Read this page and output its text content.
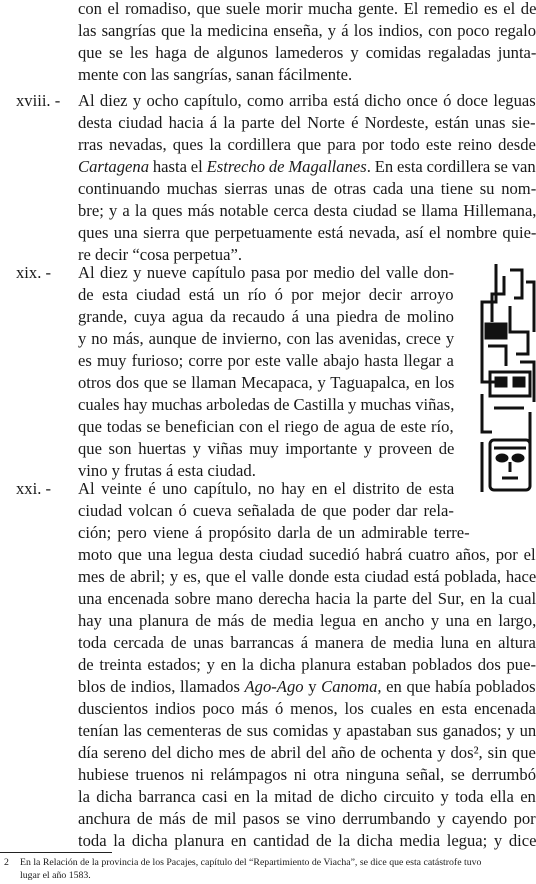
con el romadiso, que suele morir mucha gente. El remedio es el de
las sangrías que la medicina enseña, y á los indios, con poco regalo
que se les haga de algunos lamederos y comidas regaladas junta-
mente con las sangrías, sanan fácilmente.
xviii. - Al diez y ocho capítulo, como arriba está dicho once ó doce leguas
desta ciudad hacia á la parte del Norte é Nordeste, están unas sie-
rras nevadas, ques la cordillera que para por todo este reino desde
Cartagena hasta el Estrecho de Magallanes. En esta cordillera se van
continuando muchas sierras unas de otras cada una tiene su nom-
bre; y a la ques más notable cerca desta ciudad se llama Hillemana,
ques una sierra que perpetuamente está nevada, así el nombre quie-
re decir “cosa perpetua”.
xix. - Al diez y nueve capítulo pasa por medio del valle don-
de esta ciudad está un río ó por mejor decir arroyo
grande, cuya agua da recaudo á una piedra de molino
y no más, aunque de invierno, con las avenidas, crece y
es muy furioso; corre por este valle abajo hasta llegar a
otros dos que se llaman Mecapaca, y Taguapalca, en los
cuales hay muchas arboledas de Castilla y muchas viñas,
que todas se benefician con el riego de agua de este río,
que son huertas y viñas muy importante y proveen de
vino y frutas á esta ciudad.
xxi. - Al veinte é uno capítulo, no hay en el distrito de esta
ciudad volcan ó cueva señalada de que poder dar rela-
ción; pero viene á propósito darla de un admirable terre-
moto que una legua desta ciudad sucedió habrá cuatro años, por el
mes de abril; y es, que el valle donde esta ciudad está poblada, hace
una encenada sobre mano derecha hacia la parte del Sur, en la cual
hay una planura de más de media legua en ancho y una en largo,
toda cercada de unas barrancas á manera de media luna en altura
de treinta estados; y en la dicha planura estaban poblados dos pue-
blos de indios, llamados Ago-Ago y Canoma, en que había poblados
duscientos indios poco más ó menos, los cuales en esta encenada
tenían las cementeras de sus comidas y apastaban sus ganados; y un
día sereno del dicho mes de abril del año de ochenta y dos², sin que
hubiese truenos ni relámpagos ni otra ninguna señal, se derrumbó
la dicha barranca casi en la mitad de dicho circuito y toda ella en
anchura de más de mil pasos se vino derrumbando y cayendo por
toda la dicha planura en cantidad de la dicha media legua; y dice
2 En la Relación de la provincia de los Pacajes, capítulo del “Repartimiento de Viacha”, se dice que esta catástrofe tuvo
lugar el año 1583.
